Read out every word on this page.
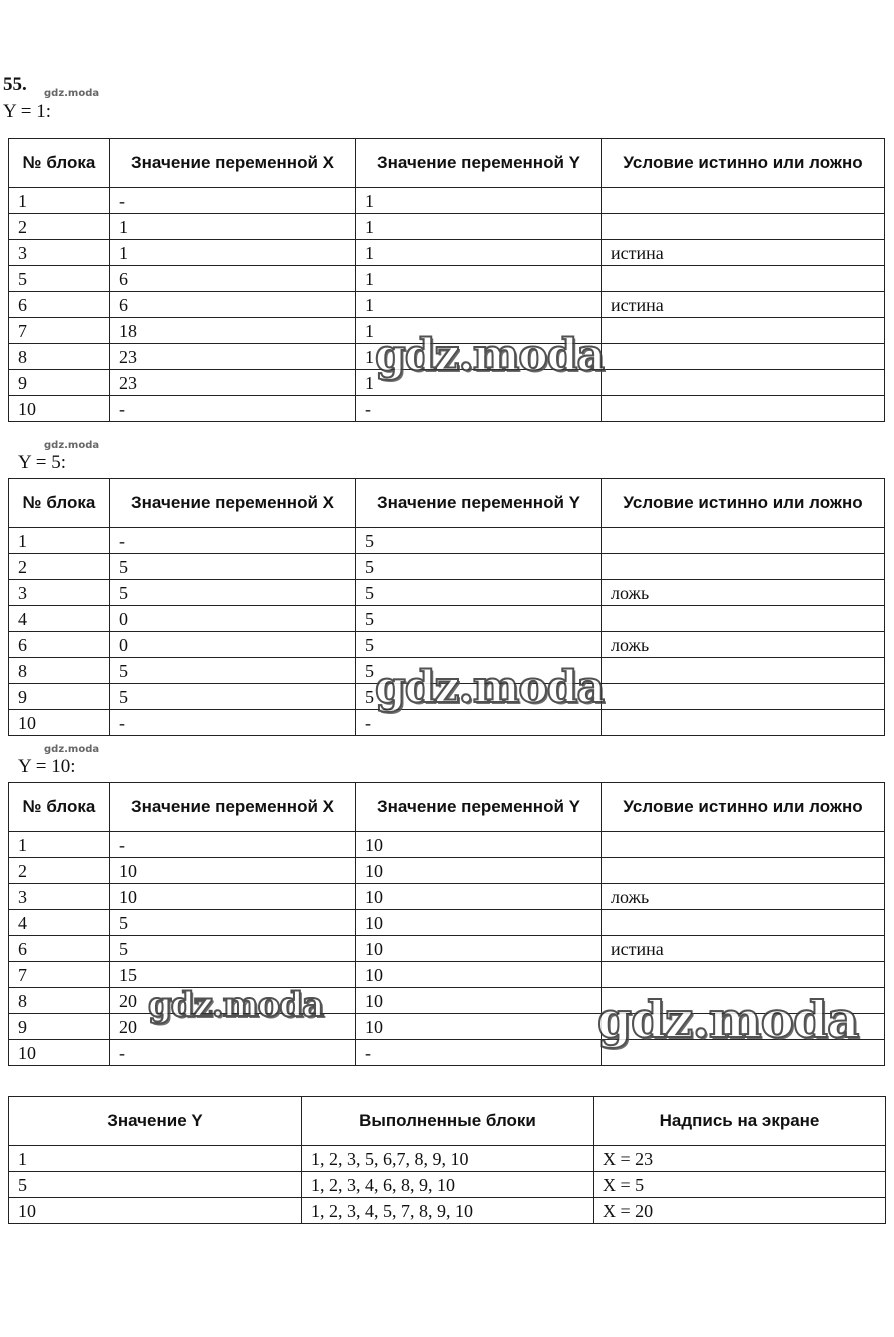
55. gdz.moda
gdz.moda
gdz.moda
Y = 1:
№ блока	Значение переменной X	Значение переменной Y	Условие истинно или ложно
1	-	1	
2	1	1	
3	1	1	истина
5	6	1	
6	6	1	истина
7	18	1	
8	23	1	
9	23	1	
10	-	-	
Y = 5:
№ блока	Значение переменной X	Значение переменной Y	Условие истинно или ложно
1	-	5	
2	5	5	
3	5	5	ложь
4	0	5	
6	0	5	ложь
8	5	5	
9	5	5	
10	-	-	
Y = 10:
№ блока	Значение переменной X	Значение переменной Y	Условие истинно или ложно
1	-	10	
2	10	10	
3	10	10	ложь
4	5	10	
6	5	10	истина
7	15	10	
8	20	10	
9	20	10	
10	-	-	
Значение Y	Выполненные блоки	Надпись на экране
1	1, 2, 3, 5, 6,7, 8, 9, 10	X = 23
5	1, 2, 3, 4, 6, 8, 9, 10	X = 5
10	1, 2, 3, 4, 5, 7, 8, 9, 10	X = 20
gdz.moda
gdz.moda
gdz.moda	gdz.moda
